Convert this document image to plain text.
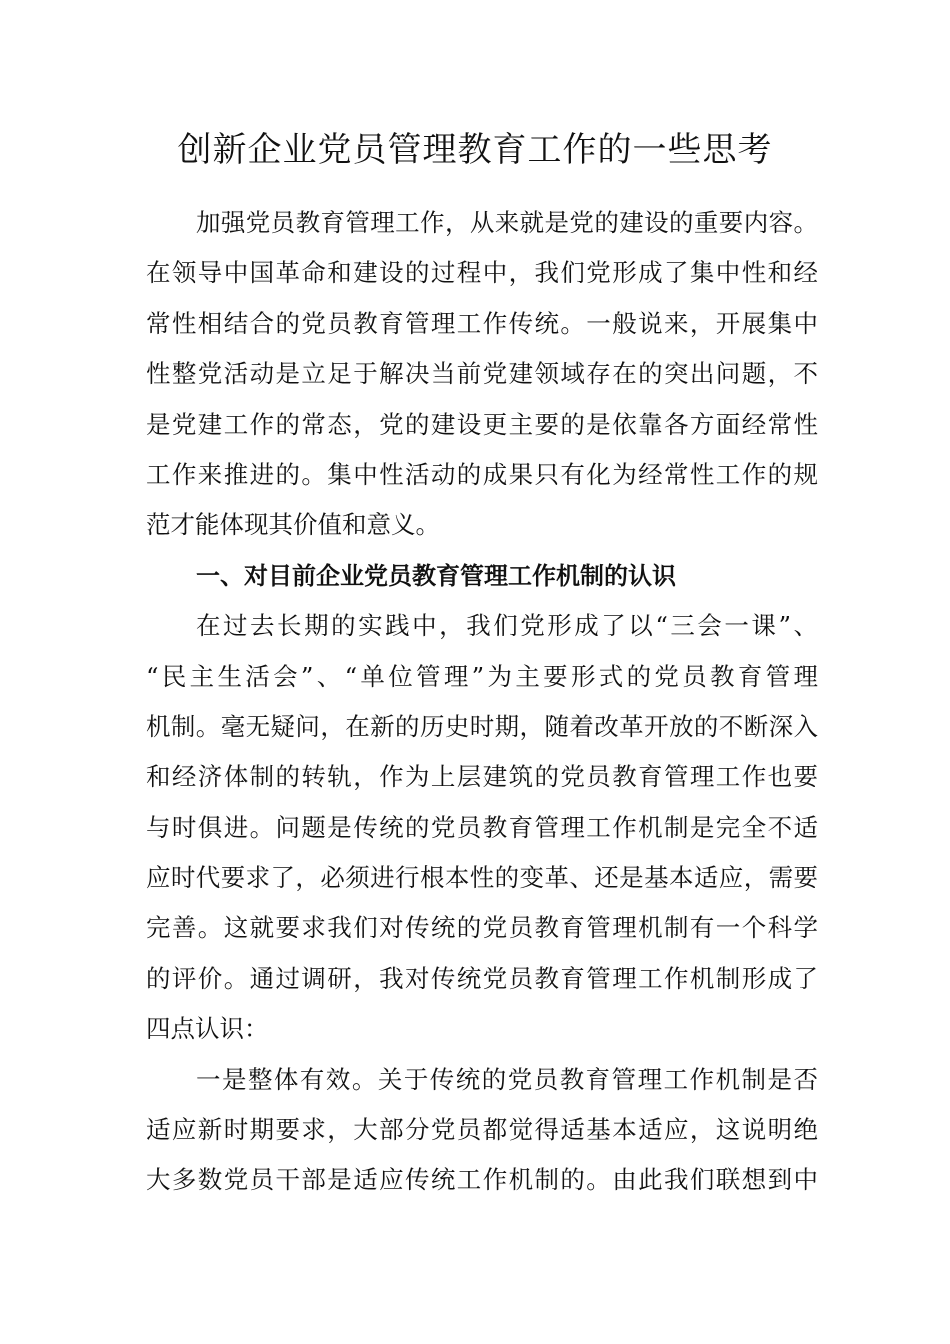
创新企业党员管理教育工作的一些思考
加强党员教育管理工作，从来就是党的建设的重要内容。
在领导中国革命和建设的过程中，我们党形成了集中性和经
常性相结合的党员教育管理工作传统。一般说来，开展集中
性整党活动是立足于解决当前党建领域存在的突出问题，不
是党建工作的常态，党的建设更主要的是依靠各方面经常性
工作来推进的。集中性活动的成果只有化为经常性工作的规
范才能体现其价值和意义。
一、对目前企业党员教育管理工作机制的认识
在过去长期的实践中，我们党形成了以“三会一课”、
“民主生活会”、“单位管理”为主要形式的党员教育管理
机制。毫无疑问，在新的历史时期，随着改革开放的不断深入
和经济体制的转轨，作为上层建筑的党员教育管理工作也要
与时俱进。问题是传统的党员教育管理工作机制是完全不适
应时代要求了，必须进行根本性的变革、还是基本适应，需要
完善。这就要求我们对传统的党员教育管理机制有一个科学
的评价。通过调研，我对传统党员教育管理工作机制形成了
四点认识：
一是整体有效。关于传统的党员教育管理工作机制是否
适应新时期要求，大部分党员都觉得适基本适应，这说明绝
大多数党员干部是适应传统工作机制的。由此我们联想到中
